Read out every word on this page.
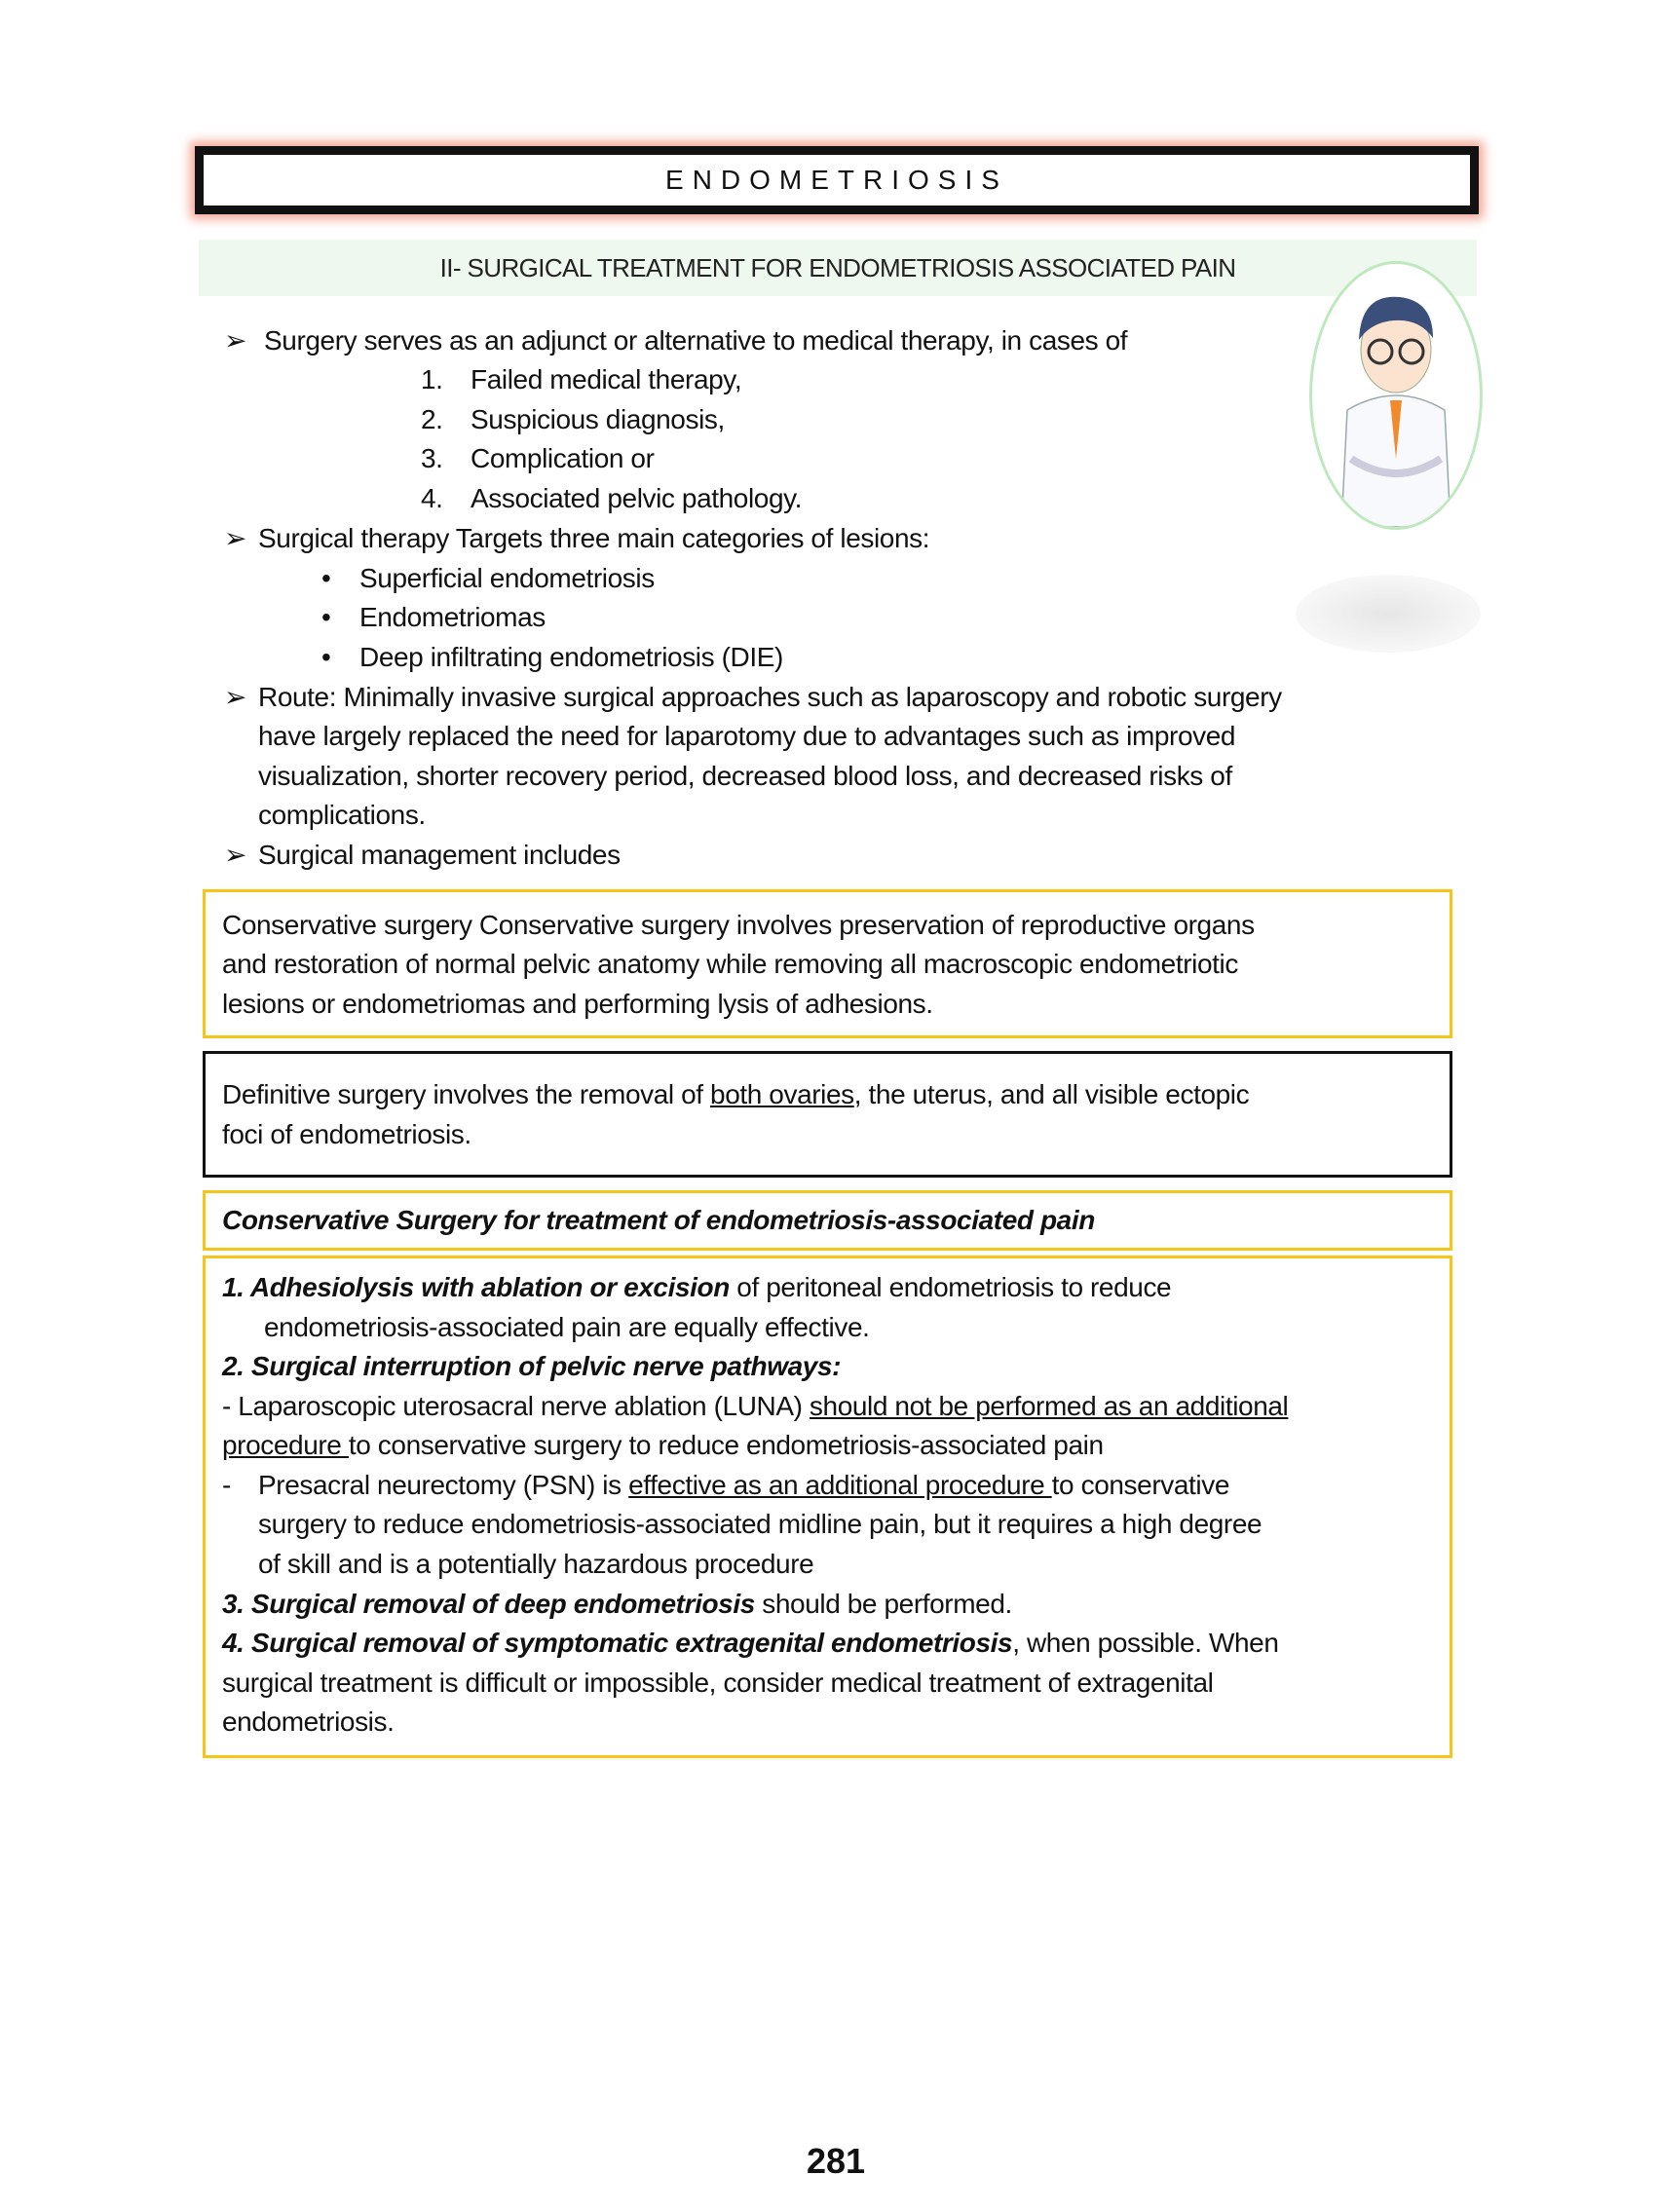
ENDOMETRIOSIS
II- SURGICAL TREATMENT FOR ENDOMETRIOSIS ASSOCIATED PAIN
➢ Surgery serves as an adjunct or alternative to medical therapy, in cases of
1. Failed medical therapy,
2. Suspicious diagnosis,
3. Complication or
4. Associated pelvic pathology.
➢ Surgical therapy Targets three main categories of lesions:
• Superficial endometriosis
• Endometriomas
• Deep infiltrating endometriosis (DIE)
➢ Route: Minimally invasive surgical approaches such as laparoscopy and robotic surgery
have largely replaced the need for laparotomy due to advantages such as improved
visualization, shorter recovery period, decreased blood loss, and decreased risks of
complications.
➢ Surgical management includes
Conservative surgery Conservative surgery involves preservation of reproductive organs
and restoration of normal pelvic anatomy while removing all macroscopic endometriotic
lesions or endometriomas and performing lysis of adhesions.
Definitive surgery involves the removal of both ovaries, the uterus, and all visible ectopic
foci of endometriosis.
Conservative Surgery for treatment of endometriosis-associated pain
1. Adhesiolysis with ablation or excision of peritoneal endometriosis to reduce
endometriosis-associated pain are equally effective.
2. Surgical interruption of pelvic nerve pathways:
- Laparoscopic uterosacral nerve ablation (LUNA) should not be performed as an additional
procedure to conservative surgery to reduce endometriosis-associated pain
- Presacral neurectomy (PSN) is effective as an additional procedure to conservative
surgery to reduce endometriosis-associated midline pain, but it requires a high degree
of skill and is a potentially hazardous procedure
3. Surgical removal of deep endometriosis should be performed.
4. Surgical removal of symptomatic extragenital endometriosis, when possible. When
surgical treatment is difficult or impossible, consider medical treatment of extragenital
endometriosis.
281
